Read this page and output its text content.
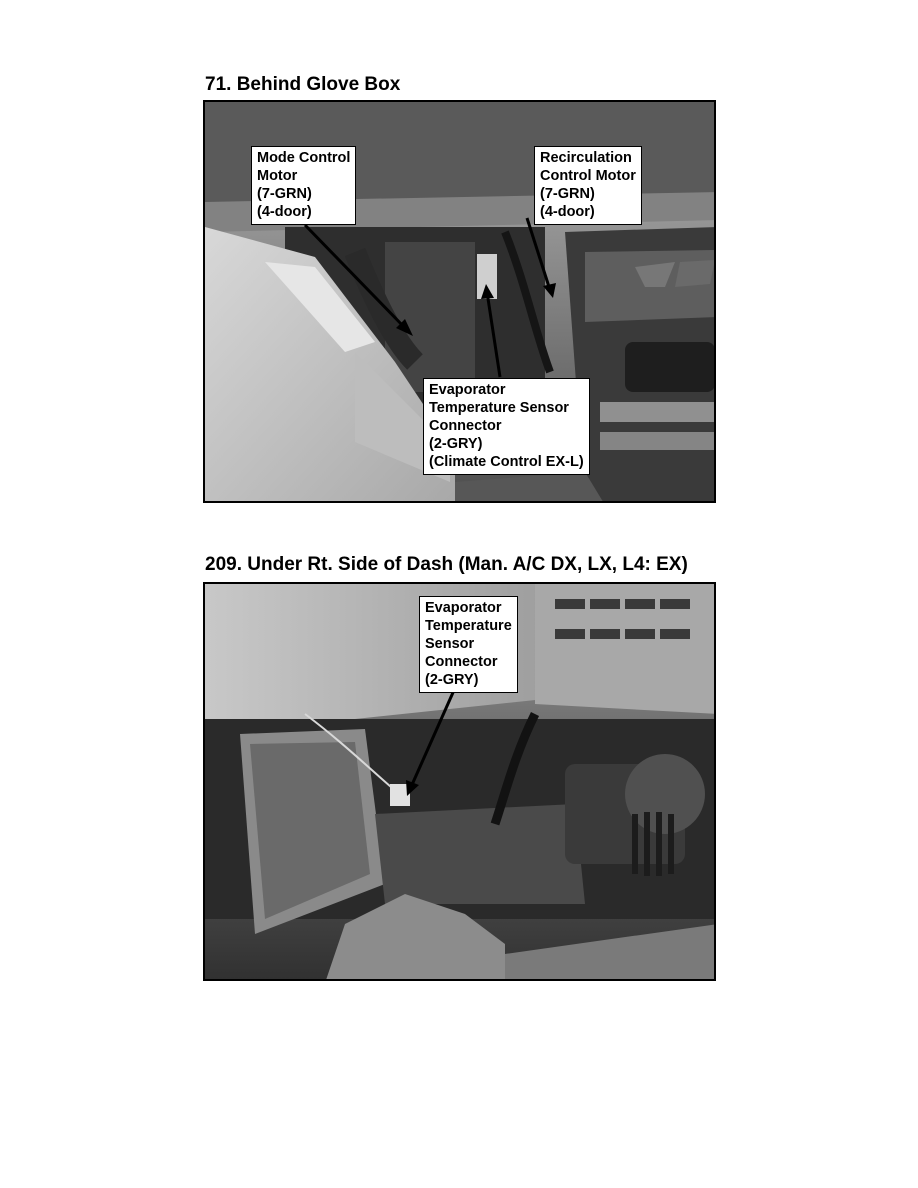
71. Behind Glove Box
Mode Control
Motor
(7-GRN)
(4-door)
Recirculation
Control Motor
(7-GRN)
(4-door)
Evaporator
Temperature Sensor
Connector
(2-GRY)
(Climate Control EX-L)
209. Under Rt. Side of Dash (Man. A/C DX, LX, L4: EX)
Evaporator
Temperature
Sensor
Connector
(2-GRY)
